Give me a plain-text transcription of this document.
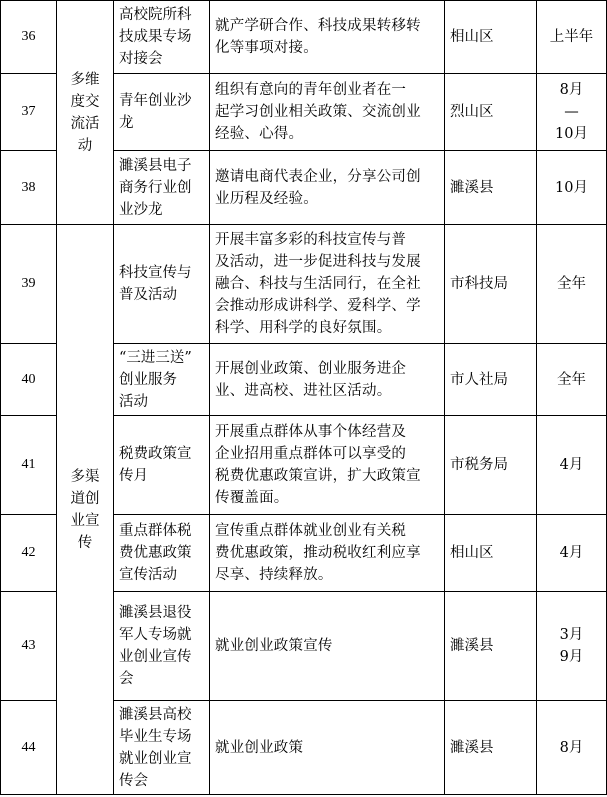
36	多维
度交
流活
动	高校院所科
技成果专场
对接会	就产学研合作、科技成果转移转
化等事项对接。	相山区	上半年

37		青年创业沙
龙	组织有意向的青年创业者在一
起学习创业相关政策、交流创业
经验、心得。	烈山区	8月
—
10月

38		濉溪县电子
商务行业创
业沙龙	邀请电商代表企业，分享公司创
业历程及经验。	濉溪县	10月

39	多渠
道创
业宣
传	科技宣传与
普及活动	开展丰富多彩的科技宣传与普
及活动，进一步促进科技与发展
融合、科技与生活同行，在全社
会推动形成讲科学、爱科学、学
科学、用科学的良好氛围。	市科技局	全年

40		“三进三送”
创业服务
活动	开展创业政策、创业服务进企
业、进高校、进社区活动。	市人社局	全年

41		税费政策宣
传月	开展重点群体从事个体经营及
企业招用重点群体可以享受的
税费优惠政策宣讲，扩大政策宣
传覆盖面。	市税务局	4月

42		重点群体税
费优惠政策
宣传活动	宣传重点群体就业创业有关税
费优惠政策，推动税收红利应享
尽享、持续释放。	相山区	4月

43		濉溪县退役
军人专场就
业创业宣传
会	就业创业政策宣传	濉溪县	3月
9月

44		濉溪县高校
毕业生专场
就业创业宣
传会	就业创业政策	濉溪县	8月
